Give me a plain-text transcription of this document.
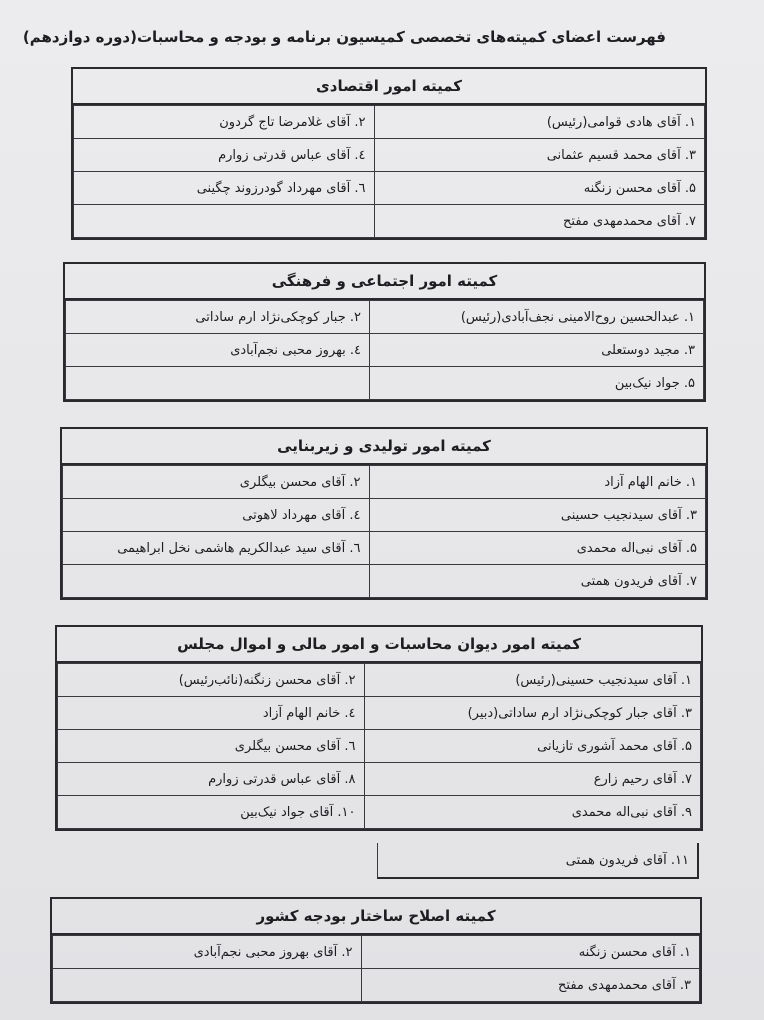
فهرست اعضای کمیته‌های تخصصی کمیسیون برنامه و بودجه و محاسبات(دوره دوازدهم)
کمیته امور اقتصادی
۱. آقای هادی قوامی(رئیس)	۲. آقای غلامرضا تاج گردون
۳. آقای محمد قسیم عثمانی	٤. آقای عباس قدرتی زوارم
۵. آقای محسن زنگنه	٦. آقای مهرداد گودرزوند چگینی
۷. آقای محمدمهدی مفتح	
کمیته امور اجتماعی و فرهنگی
۱. عبدالحسین روح‌الامینی نجف‌آبادی(رئیس)	۲. جبار کوچکی‌نژاد ارم ساداتی
۳. مجید دوستعلی	٤. بهروز محبی نجم‌آبادی
۵. جواد نیک‌بین	
کمیته امور تولیدی و زیربنایی
۱. خانم الهام آزاد	۲. آقای محسن بیگلری
۳. آقای سیدنجیب حسینی	٤. آقای مهرداد لاهوتی
۵. آقای نبی‌اله محمدی	٦. آقای سید عبدالکریم هاشمی نخل ابراهیمی
۷. آقای فریدون همتی	
کمیته امور دیوان محاسبات و امور مالی و اموال مجلس
۱. آقای سیدنجیب حسینی(رئیس)	۲. آقای محسن زنگنه(نائب‌رئیس)
۳. آقای جبار کوچکی‌نژاد ارم ساداتی(دبیر)	٤. خانم الهام آزاد
۵. آقای محمد آشوری تازیانی	٦. آقای محسن بیگلری
۷. آقای رحیم زارع	۸. آقای عباس قدرتی زوارم
۹. آقای نبی‌اله محمدی	۱۰. آقای جواد نیک‌بین
۱۱. آقای فریدون همتی
کمیته اصلاح ساختار بودجه کشور
۱. آقای محسن زنگنه	۲. آقای بهروز محبی نجم‌آبادی
۳. آقای محمدمهدی مفتح	
